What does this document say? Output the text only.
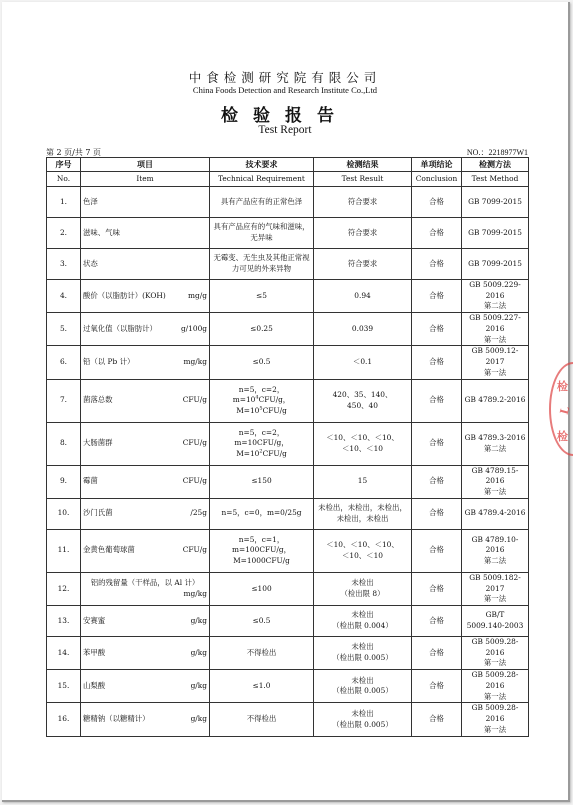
中食检测研究院有限公司
China Foods Detection and Research Institute Co.,Ltd
检验报告
Test Report
第 2 页/共 7 页	NO.：2218977W1
序号	项目	技术要求	检测结果	单项结论	检测方法
No.	Item	Technical Requirement	Test Result	Conclusion	Test Method
1.	色泽	具有产品应有的正常色泽	符合要求	合格	GB 7099-2015
2.	滋味、气味	具有产品应有的气味和滋味，无异味	符合要求	合格	GB 7099-2015
3.	状态	无霉变、无生虫及其他正常视力可见的外来异物	符合要求	合格	GB 7099-2015
4.	酸价（以脂肪计）(KOH) mg/g	≤5	0.94	合格	GB 5009.229-2016
第二法

5.	过氧化值（以脂肪计） g/100g	≤0.25	0.039	合格	GB 5009.227-2016
第一法

6.	铅（以 Pb 计） mg/kg	≤0.5	＜0.1	合格	GB 5009.12-2017
第一法

7.	菌落总数 CFU/g	n=5，c=2，
$m=10^4CFU/g$，
$M=10^5CFU/g$	420、35、140、
450、40	合格	GB 4789.2-2016
8.	大肠菌群 CFU/g	n=5，c=2，
m=10CFU/g，
$M=10^2CFU/g$	＜10、＜10、＜10、
＜10、＜10	合格	GB 4789.3-2016
第二法

9.	霉菌 CFU/g	≤150	15	合格	GB 4789.15-2016
第一法

10.	沙门氏菌 /25g	n=5，c=0，m=0/25g	未检出，未检出，未检出，未检出，未检出	合格	GB 4789.4-2016
11.	金黄色葡萄球菌 CFU/g	n=5，c=1，
m=100CFU/g，
M=1000CFU/g	＜10、＜10、＜10、
＜10、＜10	合格	GB 4789.10-2016
第二法

12.	铝的残留量（干样品，以 Al 计）
mg/kg	≤100	未检出
（检出限 8）	合格	GB 5009.182-2017
第一法

13.	安赛蜜 g/kg	≤0.5	未检出
（检出限 0.004）	合格	GB/T
5009.140-2003

14.	苯甲酸 g/kg	不得检出	未检出
（检出限 0.005）	合格	GB 5009.28-2016
第一法

15.	山梨酸 g/kg	≤1.0	未检出
（检出限 0.005）	合格	GB 5009.28-2016
第一法

16.	糖精钠（以糖精计） g/kg	不得检出	未检出
（检出限 0.005）	合格	GB 5009.28-2016
第一法
检
L
检
